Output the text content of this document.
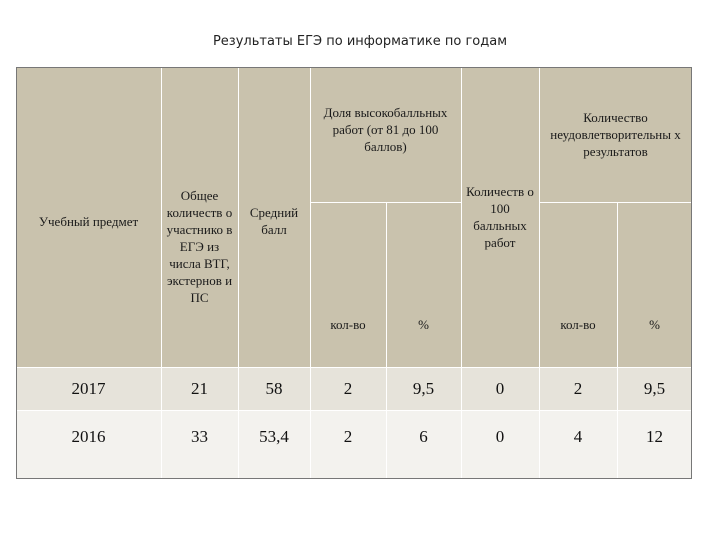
Результаты ЕГЭ по информатике по годам
Учебный предмет
Общее количеств о участнико в ЕГЭ из числа ВТГ, экстернов и ПС
Средний балл
Доля высокобалльных работ (от 81 до 100 баллов)
кол-во	%
Количеств о 100 балльных работ
Количество неудовлетворительны х результатов
кол-во	%
2017	21	58	2	9,5	0	2	9,5
2016	33	53,4	2	6	0	4	12
